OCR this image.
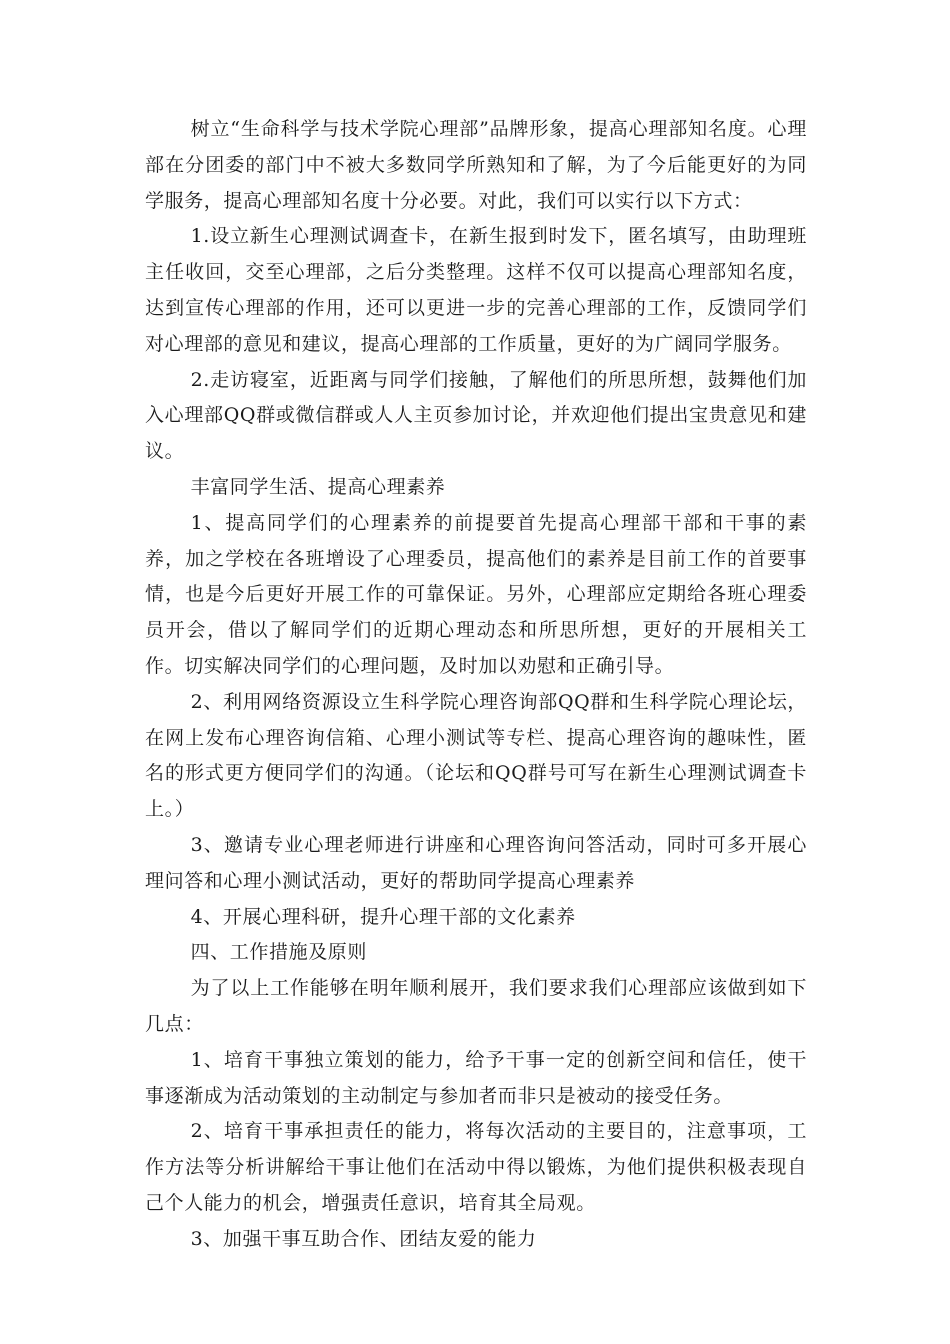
树立“生命科学与技术学院心理部”品牌形象，提高心理部知名度。心理部在分团委的部门中不被大多数同学所熟知和了解，为了今后能更好的为同学服务，提高心理部知名度十分必要。对此，我们可以实行以下方式：

1.设立新生心理测试调查卡，在新生报到时发下，匿名填写，由助理班主任收回，交至心理部，之后分类整理。这样不仅可以提高心理部知名度，达到宣传心理部的作用，还可以更进一步的完善心理部的工作，反馈同学们对心理部的意见和建议，提高心理部的工作质量，更好的为广阔同学服务。

2.走访寝室，近距离与同学们接触，了解他们的所思所想，鼓舞他们加入心理部QQ群或微信群或人人主页参加讨论，并欢迎他们提出宝贵意见和建议。

丰富同学生活、提高心理素养

1、提高同学们的心理素养的前提要首先提高心理部干部和干事的素养，加之学校在各班增设了心理委员，提高他们的素养是目前工作的首要事情，也是今后更好开展工作的可靠保证。另外，心理部应定期给各班心理委员开会，借以了解同学们的近期心理动态和所思所想，更好的开展相关工作。切实解决同学们的心理问题，及时加以劝慰和正确引导。

2、利用网络资源设立生科学院心理咨询部QQ群和生科学院心理论坛，在网上发布心理咨询信箱、心理小测试等专栏、提高心理咨询的趣味性，匿名的形式更方便同学们的沟通。（论坛和QQ群号可写在新生心理测试调查卡上。）

3、邀请专业心理老师进行讲座和心理咨询问答活动，同时可多开展心理问答和心理小测试活动，更好的帮助同学提高心理素养

4、开展心理科研，提升心理干部的文化素养

四、工作措施及原则

为了以上工作能够在明年顺利展开，我们要求我们心理部应该做到如下几点：

1、培育干事独立策划的能力，给予干事一定的创新空间和信任，使干事逐渐成为活动策划的主动制定与参加者而非只是被动的接受任务。

2、培育干事承担责任的能力，将每次活动的主要目的，注意事项，工作方法等分析讲解给干事让他们在活动中得以锻炼，为他们提供积极表现自己个人能力的机会，增强责任意识，培育其全局观。

3、加强干事互助合作、团结友爱的能力
